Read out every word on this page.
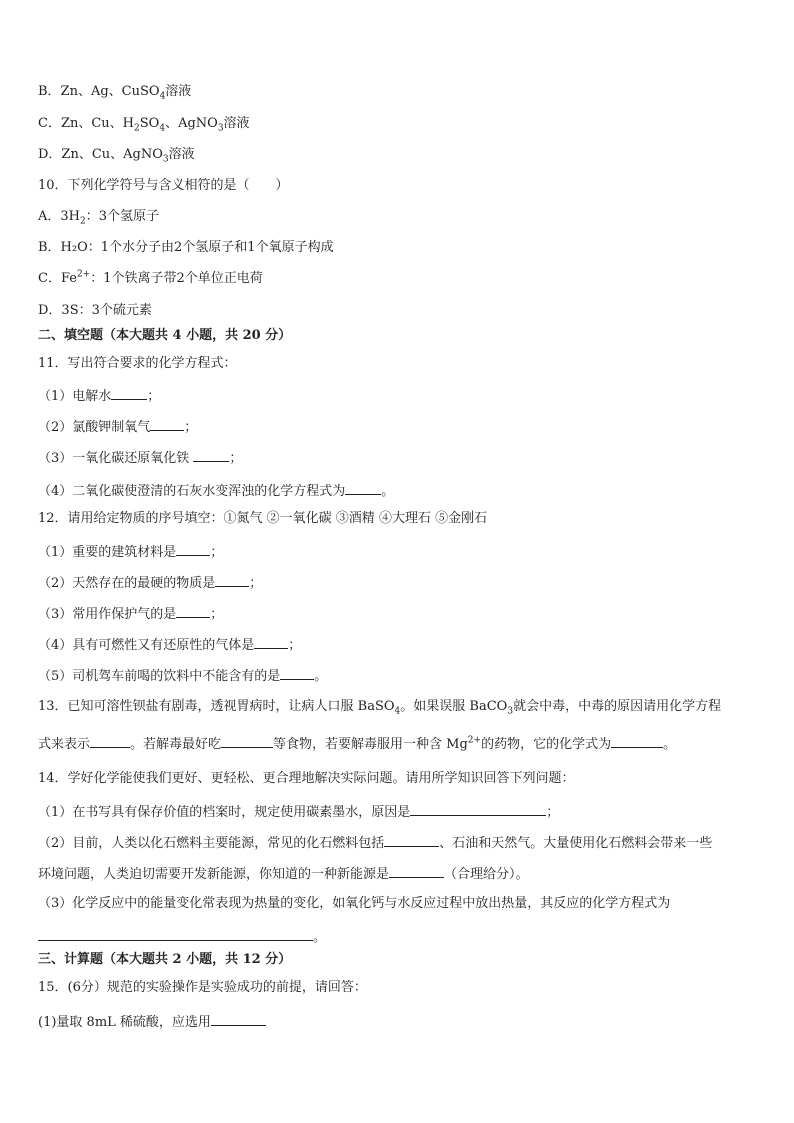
B．Zn、Ag、CuSO$_4$溶液
C．Zn、Cu、$H_2SO_4$、AgNO$_3$溶液
D．Zn、Cu、AgNO$_3$溶液
10．下列化学符号与含义相符的是（　　）
A．$3H_2$：3个氢原子
B．H₂O：1个水分子由2个氢原子和1个氧原子构成
C．$Fe^{2+}$：1个铁离子带2个单位正电荷
D．3S：3个硫元素
二、填空题（本大题共 4 小题，共 20 分）
11．写出符合要求的化学方程式：
（1）电解水	；
（2）氯酸钾制氧气	；
（3）一氧化碳还原氧化铁	；
（4）二氧化碳使澄清的石灰水变浑浊的化学方程式为	。
12．请用给定物质的序号填空：①氮气 ②一氧化碳 ③酒精 ④大理石 ⑤金刚石
（1）重要的建筑材料是	；
（2）天然存在的最硬的物质是	；
（3）常用作保护气的是	；
（4）具有可燃性又有还原性的气体是	；
（5）司机驾车前喝的饮料中不能含有的是	。
13．已知可溶性钡盐有剧毒，透视胃病时，让病人口服 BaSO$_4$。如果误服 BaCO$_3$就会中毒，中毒的原因请用化学方程
式来表示	。若解毒最好吃	等食物，若要解毒服用一种含 $Mg^{2+}$的药物，它的化学式为	。
14．学好化学能使我们更好、更轻松、更合理地解决实际问题。请用所学知识回答下列问题：
（1）在书写具有保存价值的档案时，规定使用碳素墨水，原因是	；
（2）目前，人类以化石燃料主要能源，常见的化石燃料包括	、石油和天然气。大量使用化石燃料会带来一些
环境问题，人类迫切需要开发新能源，你知道的一种新能源是	（合理给分）。
（3）化学反应中的能量变化常表现为热量的变化，如氧化钙与水反应过程中放出热量，其反应的化学方程式为
。
三、计算题（本大题共 2 小题，共 12 分）
15．(6分）规范的实验操作是实验成功的前提，请回答：
(1)量取 8mL 稀硫酸，应选用
